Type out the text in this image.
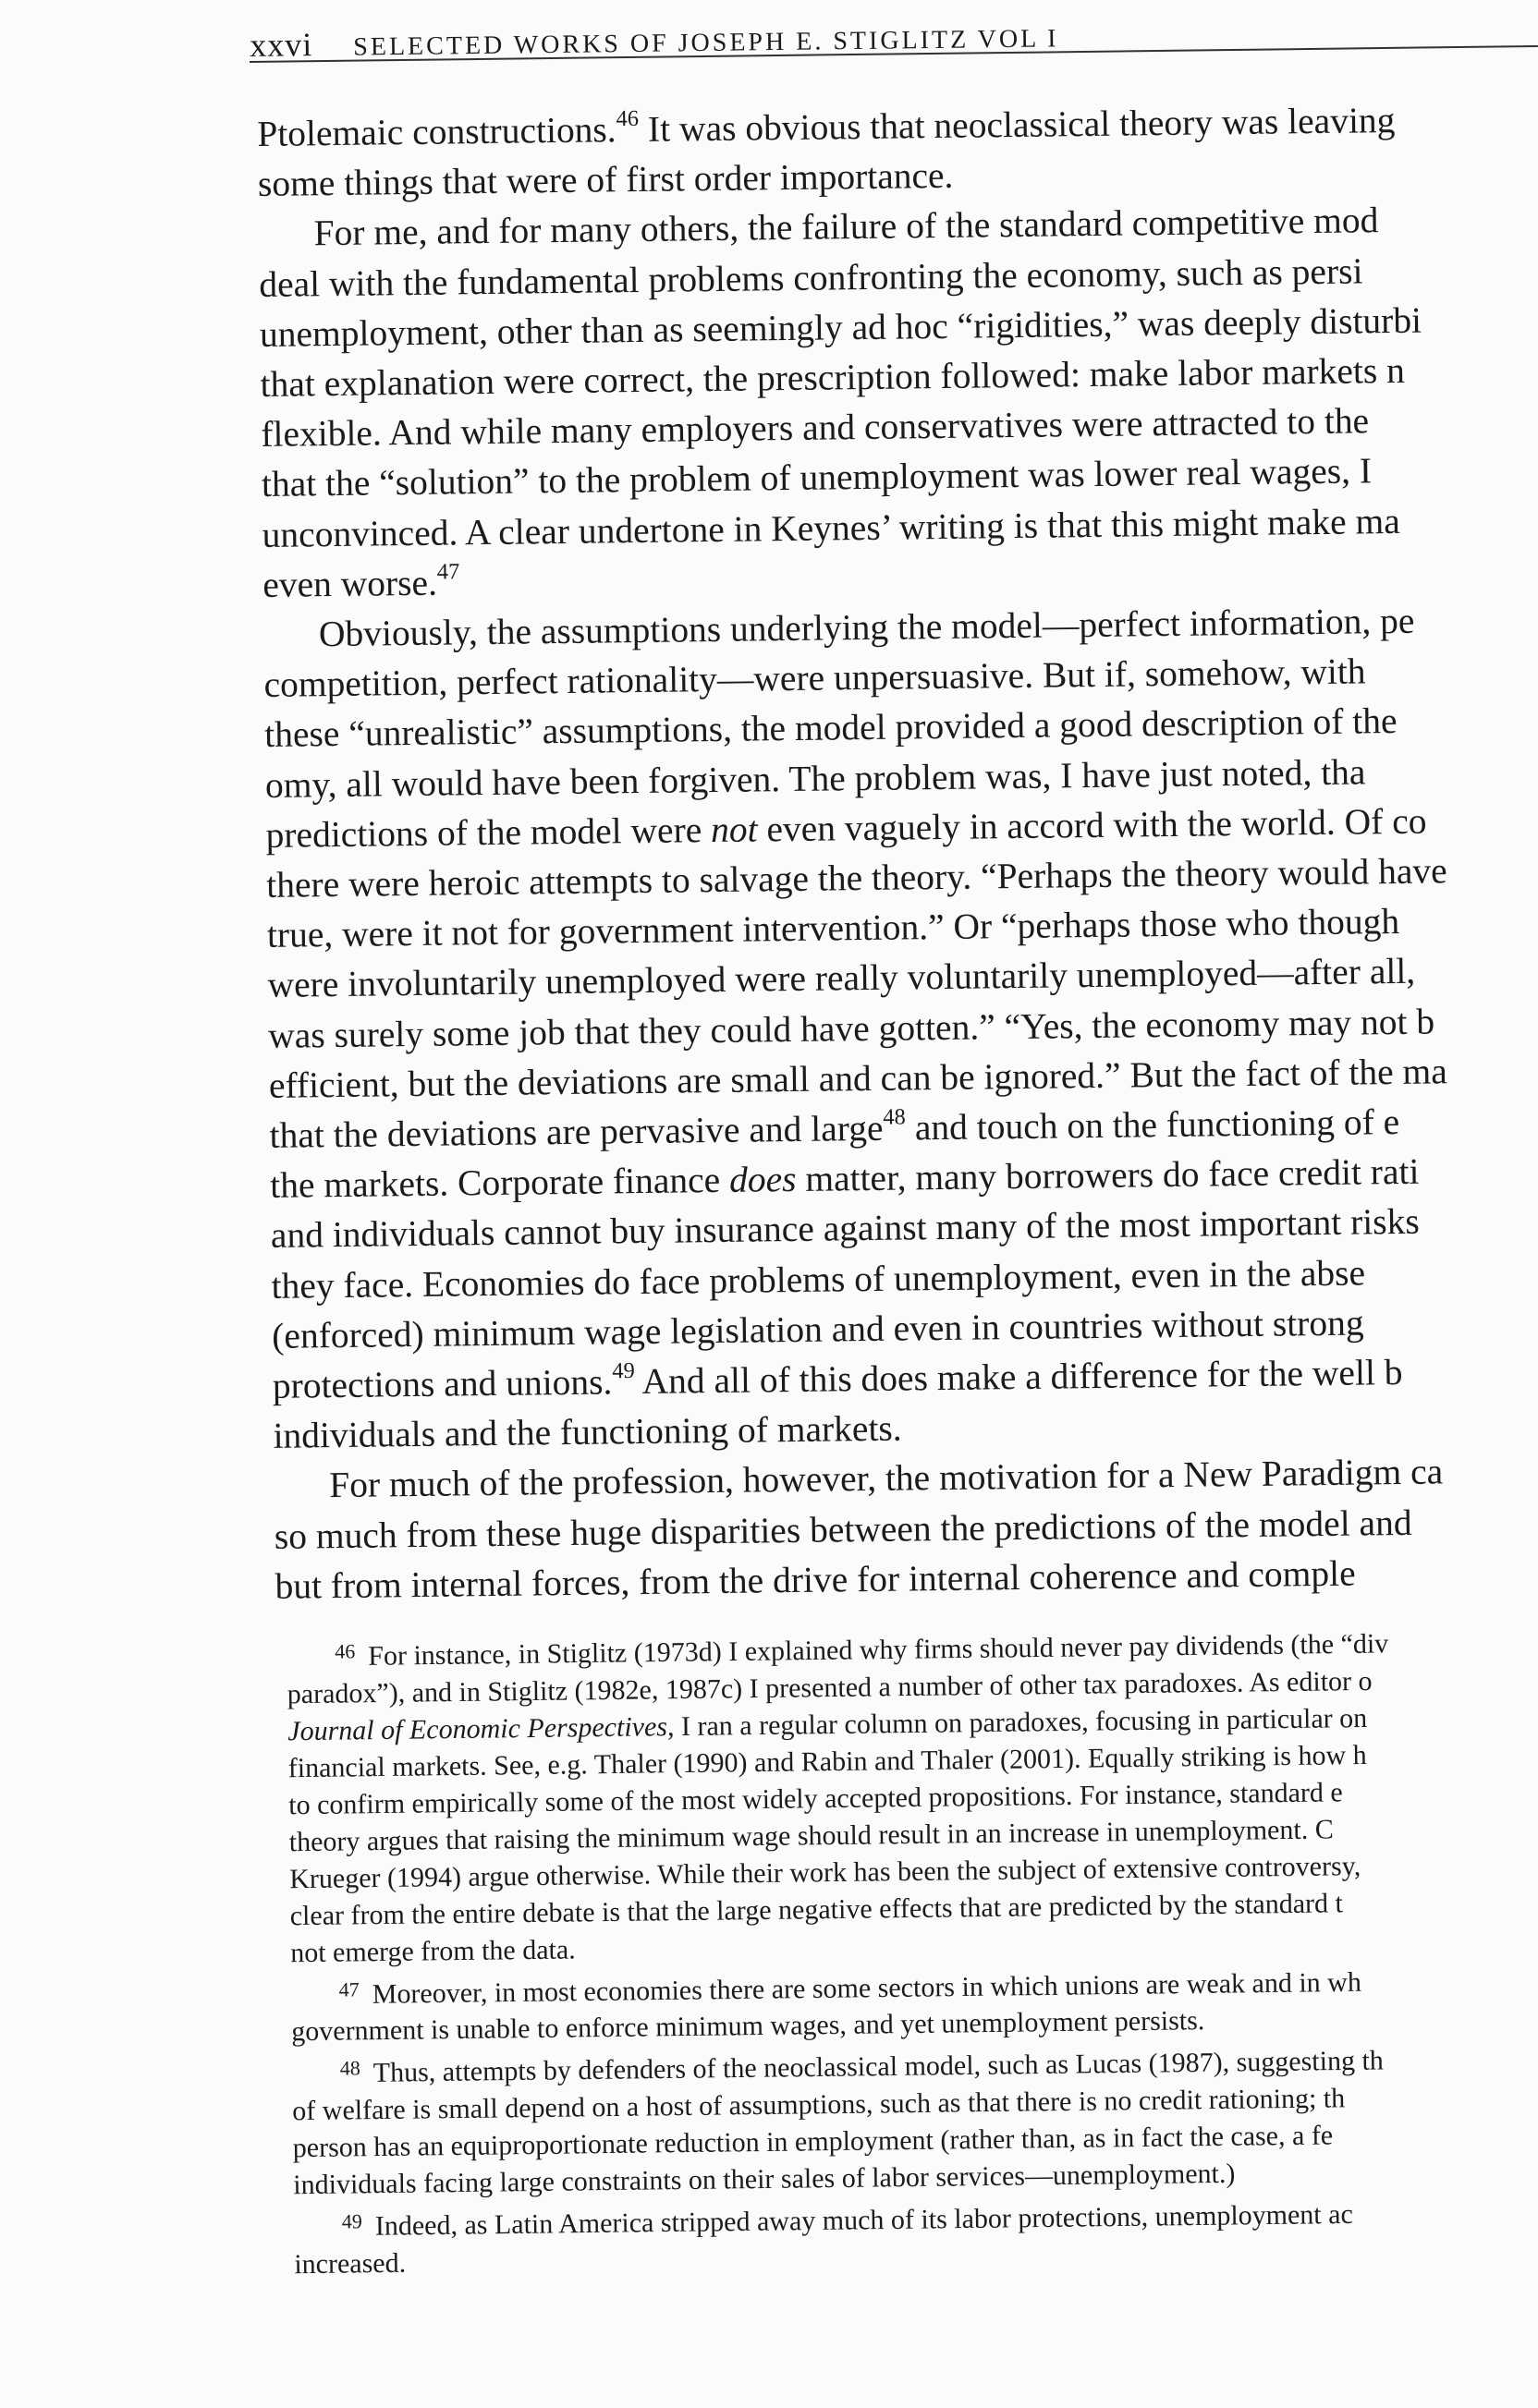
xxvi SELECTED WORKS OF JOSEPH E. STIGLITZ VOL I

Ptolemaic constructions.$^{46}$ It was obvious that neoclassical theory was leaving

some things that were of first order importance.

For me, and for many others, the failure of the standard competitive mod

deal with the fundamental problems confronting the economy, such as persi

unemployment, other than as seemingly ad hoc “rigidities,” was deeply disturbi

that explanation were correct, the prescription followed: make labor markets n

flexible. And while many employers and conservatives were attracted to the

that the “solution” to the problem of unemployment was lower real wages, I

unconvinced. A clear undertone in Keynes’ writing is that this might make ma

even worse.$^{47}$

Obviously, the assumptions underlying the model—perfect information, pe

competition, perfect rationality—were unpersuasive. But if, somehow, with

these “unrealistic” assumptions, the model provided a good description of the

omy, all would have been forgiven. The problem was, I have just noted, tha

predictions of the model were not even vaguely in accord with the world. Of co

there were heroic attempts to salvage the theory. “Perhaps the theory would have

true, were it not for government intervention.” Or “perhaps those who though

were involuntarily unemployed were really voluntarily unemployed—after all,

was surely some job that they could have gotten.” “Yes, the economy may not b

efficient, but the deviations are small and can be ignored.” But the fact of the ma

that the deviations are pervasive and large$^{48}$ and touch on the functioning of e

the markets. Corporate finance does matter, many borrowers do face credit rati

and individuals cannot buy insurance against many of the most important risks

they face. Economies do face problems of unemployment, even in the abse

(enforced) minimum wage legislation and even in countries without strong

protections and unions.$^{49}$ And all of this does make a difference for the well b

individuals and the functioning of markets.

For much of the profession, however, the motivation for a New Paradigm ca

so much from these huge disparities between the predictions of the model and

but from internal forces, from the drive for internal coherence and comple

$^{46}$ For instance, in Stiglitz (1973d) I explained why firms should never pay dividends (the “div

paradox”), and in Stiglitz (1982e, 1987c) I presented a number of other tax paradoxes. As editor o

Journal of Economic Perspectives, I ran a regular column on paradoxes, focusing in particular on

financial markets. See, e.g. Thaler (1990) and Rabin and Thaler (2001). Equally striking is how h

to confirm empirically some of the most widely accepted propositions. For instance, standard e

theory argues that raising the minimum wage should result in an increase in unemployment. C

Krueger (1994) argue otherwise. While their work has been the subject of extensive controversy,

clear from the entire debate is that the large negative effects that are predicted by the standard t

not emerge from the data.

$^{47}$ Moreover, in most economies there are some sectors in which unions are weak and in wh

government is unable to enforce minimum wages, and yet unemployment persists.

$^{48}$ Thus, attempts by defenders of the neoclassical model, such as Lucas (1987), suggesting th

of welfare is small depend on a host of assumptions, such as that there is no credit rationing; th

person has an equiproportionate reduction in employment (rather than, as in fact the case, a fe

individuals facing large constraints on their sales of labor services—unemployment.)

$^{49}$ Indeed, as Latin America stripped away much of its labor protections, unemployment ac

increased.
